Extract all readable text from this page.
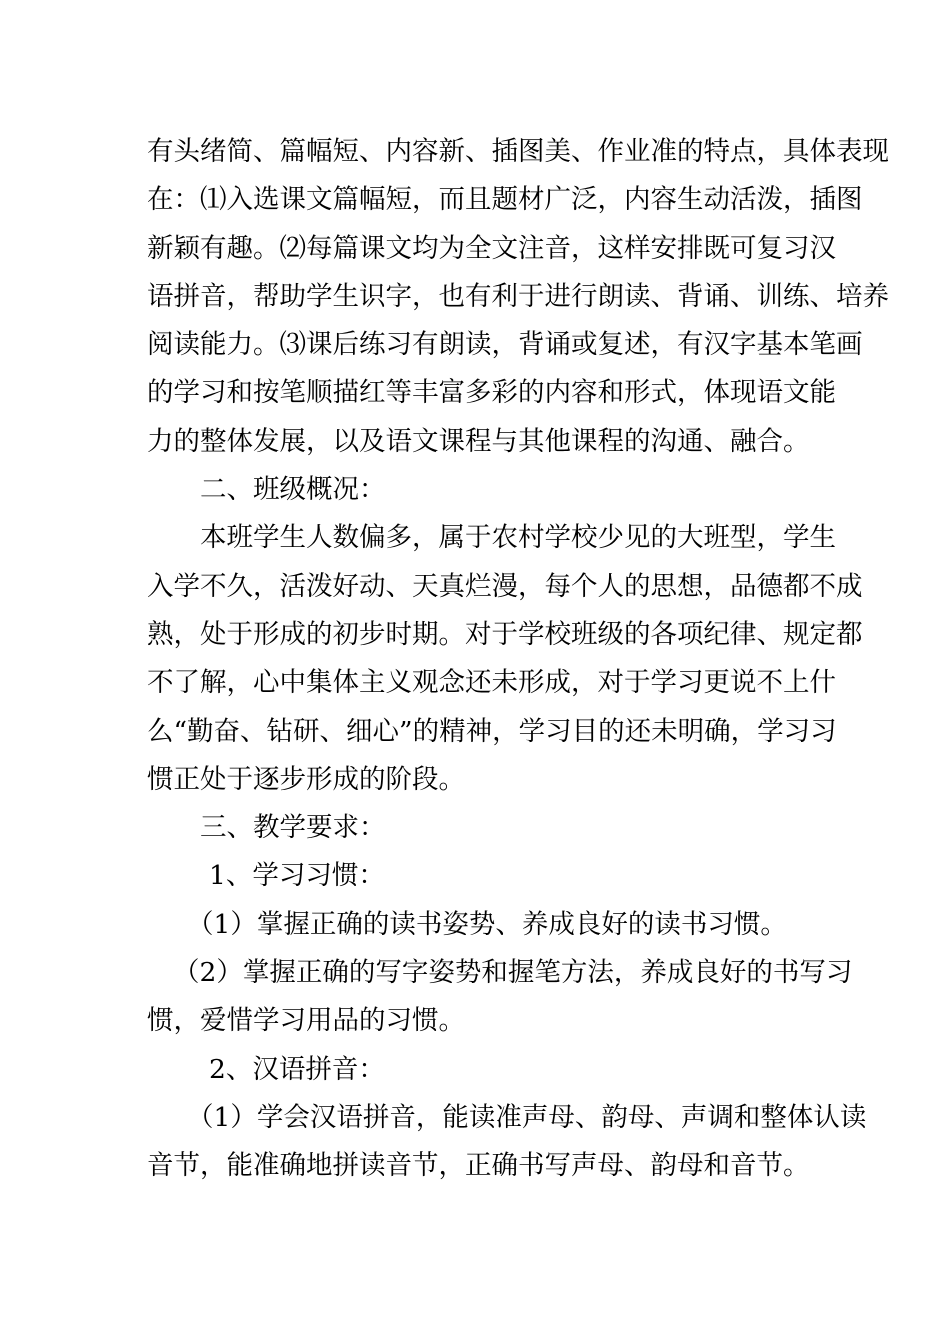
有头绪简、篇幅短、内容新、插图美、作业准的特点，具体表现
在：⑴入选课文篇幅短，而且题材广泛，内容生动活泼，插图
新颖有趣。⑵每篇课文均为全文注音，这样安排既可复习汉
语拼音，帮助学生识字，也有利于进行朗读、背诵、训练、培养
阅读能力。⑶课后练习有朗读，背诵或复述，有汉字基本笔画
的学习和按笔顺描红等丰富多彩的内容和形式，体现语文能
力的整体发展，以及语文课程与其他课程的沟通、融合。
二、班级概况：
本班学生人数偏多，属于农村学校少见的大班型，学生
入学不久，活泼好动、天真烂漫，每个人的思想，品德都不成
熟，处于形成的初步时期。对于学校班级的各项纪律、规定都
不了解，心中集体主义观念还未形成，对于学习更说不上什
么“勤奋、钻研、细心”的精神，学习目的还未明确，学习习
惯正处于逐步形成的阶段。
三、教学要求：
1、学习习惯：
（1）掌握正确的读书姿势、养成良好的读书习惯。
（2）掌握正确的写字姿势和握笔方法，养成良好的书写习
惯，爱惜学习用品的习惯。
2、汉语拼音：
（1）学会汉语拼音，能读准声母、韵母、声调和整体认读
音节，能准确地拼读音节，正确书写声母、韵母和音节。
